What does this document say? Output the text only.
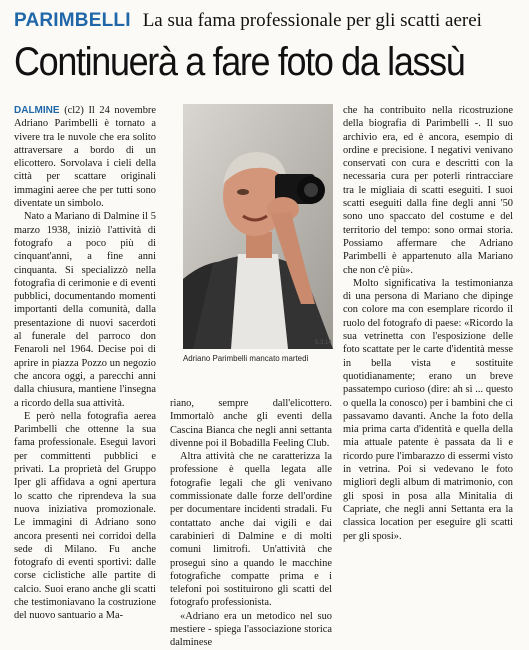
PARIMBELLI La sua fama professionale per gli scatti aerei
Continuerà a fare foto da lassù

DALMINE (cl2) Il 24 novembre Adriano Parimbelli è tornato a vivere tra le nuvole che era solito attraversare a bordo di un elicottero. Sorvolava i cieli della città per scattare originali immagini aeree che per tutti sono diventate un simbolo.

Nato a Mariano di Dalmine il 5 marzo 1938, iniziò l'attività di fotografo a poco più di cinquant'anni, a fine anni cinquanta. Si specializzò nella fotografia di cerimonie e di eventi pubblici, documentando momenti importanti della comunità, dalla presentazione di nuovi sacerdoti al funerale del parroco don Fenaroli nel 1964. Decise poi di aprire in piazza Pozzo un negozio che ancora oggi, a parecchi anni dalla chiusura, mantiene l'insegna a ricordo della sua attività.

E però nella fotografia aerea Parimbelli che ottenne la sua fama professionale. Eseguì lavori per committenti pubblici e privati. La proprietà del Gruppo Iper gli affidava a ogni apertura lo scatto che riprendeva la sua nuova iniziativa promozionale. Le immagini di Adriano sono ancora presenti nei corridoi della sede di Milano. Fu anche fotografo di eventi sportivi: dalle corse ciclistiche alle partite di calcio. Suoi erano anche gli scatti che testimoniavano la costruzione del nuovo santuario a Ma-

5.3.14
Adriano Parimbelli mancato martedì

riano, sempre dall'elicottero. Immortalò anche gli eventi della Cascina Bianca che negli anni settanta divenne poi il Bobadilla Feeling Club.

Altra attività che ne caratterizza la professione è quella legata alle fotografie legali che gli venivano commissionate dalle forze dell'ordine per documentare incidenti stradali. Fu contattato anche dai vigili e dai carabinieri di Dalmine e di molti comuni limitrofi. Un'attività che proseguì sino a quando le macchine fotografiche compatte prima e i telefoni poi sostituirono gli scatti del fotografo professionista.

«Adriano era un metodico nel suo mestiere - spiega l'associazione storica dalminese

che ha contribuito nella ricostruzione della biografia di Parimbelli -. Il suo archivio era, ed è ancora, esempio di ordine e precisione. I negativi venivano conservati con cura e descritti con la necessaria cura per poterli rintracciare tra le migliaia di scatti eseguiti. I suoi scatti eseguiti dalla fine degli anni '50 sono uno spaccato del costume e del territorio del tempo: sono ormai storia. Possiamo affermare che Adriano Parimbelli è appartenuto alla Mariano che non c'è più».

Molto significativa la testimonianza di una persona di Mariano che dipinge con colore ma con esemplare ricordo il ruolo del fotografo di paese: «Ricordo la sua vetrinetta con l'esposizione delle foto scattate per le carte d'identità messe in bella vista e sostituite quotidianamente; erano un breve passatempo curioso (dire: ah sì ... questo o quella la conosco) per i bambini che ci passavamo davanti. Anche la foto della mia prima carta d'identità e quella della mia attuale patente è passata da lì e ricordo pure l'imbarazzo di essermi visto in vetrina. Poi si vedevano le foto migliori degli album di matrimonio, con gli sposi in posa alla Minitalia di Capriate, che negli anni Settanta era la classica location per eseguire gli scatti per gli sposi».
